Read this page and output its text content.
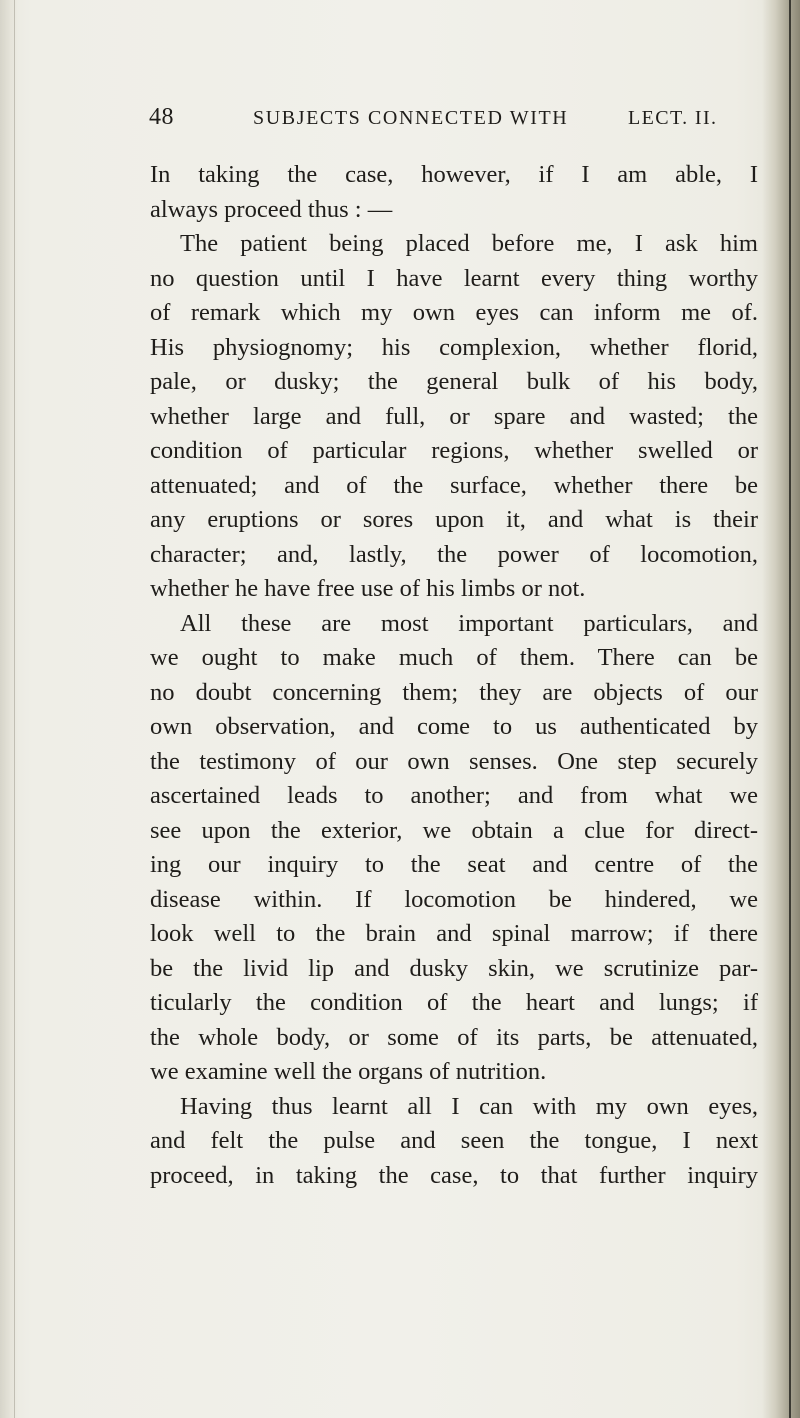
48	SUBJECTS CONNECTED WITH	LECT. II.
In taking the case, however, if I am able, I
always proceed thus : —
The patient being placed before me, I ask him
no question until I have learnt every thing worthy
of remark which my own eyes can inform me of.
His physiognomy; his complexion, whether florid,
pale, or dusky; the general bulk of his body,
whether large and full, or spare and wasted; the
condition of particular regions, whether swelled or
attenuated; and of the surface, whether there be
any eruptions or sores upon it, and what is their
character; and, lastly, the power of locomotion,
whether he have free use of his limbs or not.
All these are most important particulars, and
we ought to make much of them. There can be
no doubt concerning them; they are objects of our
own observation, and come to us authenticated by
the testimony of our own senses. One step securely
ascertained leads to another; and from what we
see upon the exterior, we obtain a clue for direct-
ing our inquiry to the seat and centre of the
disease within. If locomotion be hindered, we
look well to the brain and spinal marrow; if there
be the livid lip and dusky skin, we scrutinize par-
ticularly the condition of the heart and lungs; if
the whole body, or some of its parts, be attenuated,
we examine well the organs of nutrition.
Having thus learnt all I can with my own eyes,
and felt the pulse and seen the tongue, I next
proceed, in taking the case, to that further inquiry
